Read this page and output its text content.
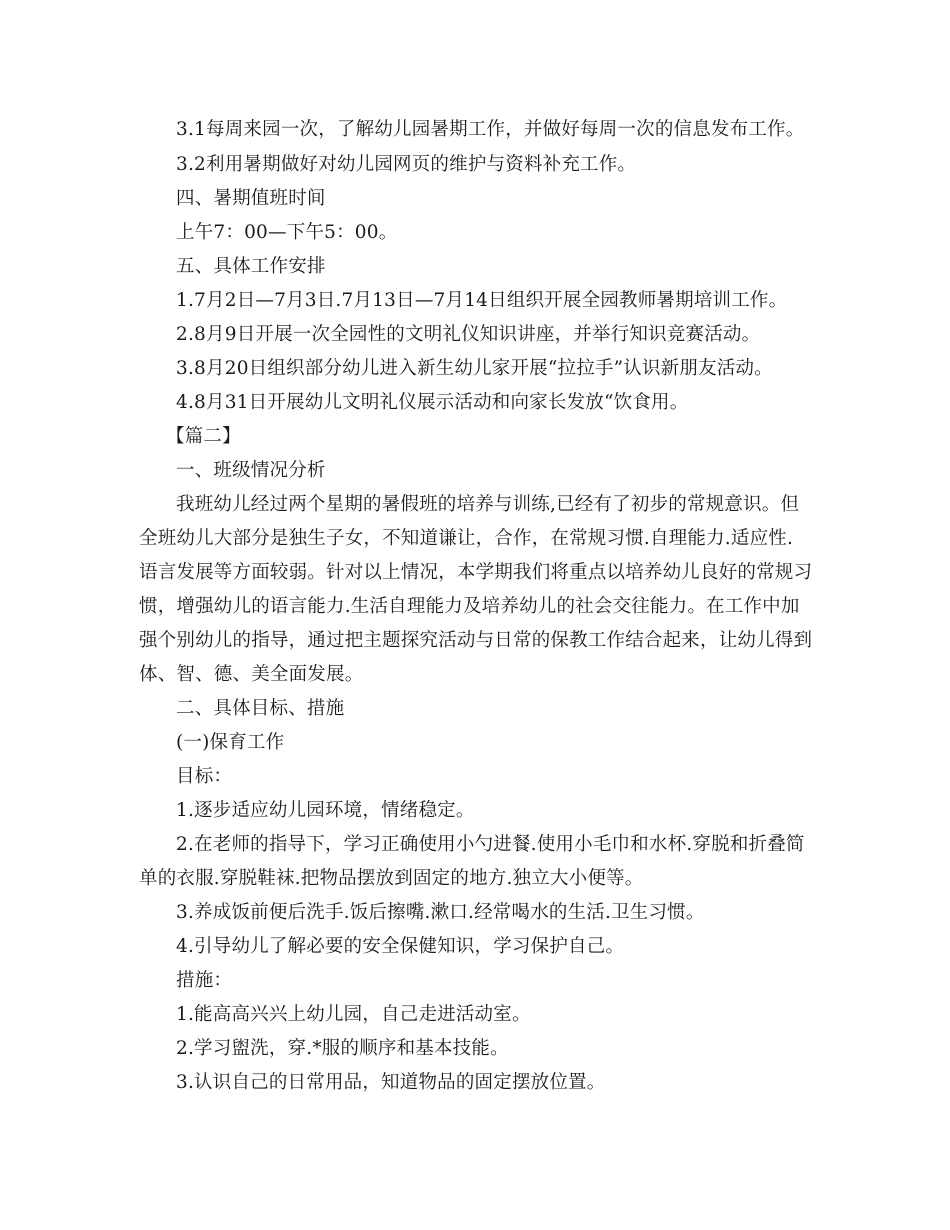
3.1每周来园一次，了解幼儿园暑期工作，并做好每周一次的信息发布工作。
3.2利用暑期做好对幼儿园网页的维护与资料补充工作。
四、暑期值班时间
上午7：00—下午5：00。
五、具体工作安排
1.7月2日—7月3日.7月13日—7月14日组织开展全园教师暑期培训工作。
2.8月9日开展一次全园性的文明礼仪知识讲座，并举行知识竞赛活动。
3.8月20日组织部分幼儿进入新生幼儿家开展“拉拉手”认识新朋友活动。
4.8月31日开展幼儿文明礼仪展示活动和向家长发放“饮食用。
【篇二】
一、班级情况分析
我班幼儿经过两个星期的暑假班的培养与训练,已经有了初步的常规意识。但
全班幼儿大部分是独生子女，不知道谦让，合作，在常规习惯.自理能力.适应性.
语言发展等方面较弱。针对以上情况，本学期我们将重点以培养幼儿良好的常规习
惯，增强幼儿的语言能力.生活自理能力及培养幼儿的社会交往能力。在工作中加
强个别幼儿的指导，通过把主题探究活动与日常的保教工作结合起来，让幼儿得到
体、智、德、美全面发展。
二、具体目标、措施
(一)保育工作
目标：
1.逐步适应幼儿园环境，情绪稳定。
2.在老师的指导下，学习正确使用小勺进餐.使用小毛巾和水杯.穿脱和折叠简
单的衣服.穿脱鞋袜.把物品摆放到固定的地方.独立大小便等。
3.养成饭前便后洗手.饭后擦嘴.漱口.经常喝水的生活.卫生习惯。
4.引导幼儿了解必要的安全保健知识，学习保护自己。
措施：
1.能高高兴兴上幼儿园，自己走进活动室。
2.学习盥洗，穿.*服的顺序和基本技能。
3.认识自己的日常用品，知道物品的固定摆放位置。
